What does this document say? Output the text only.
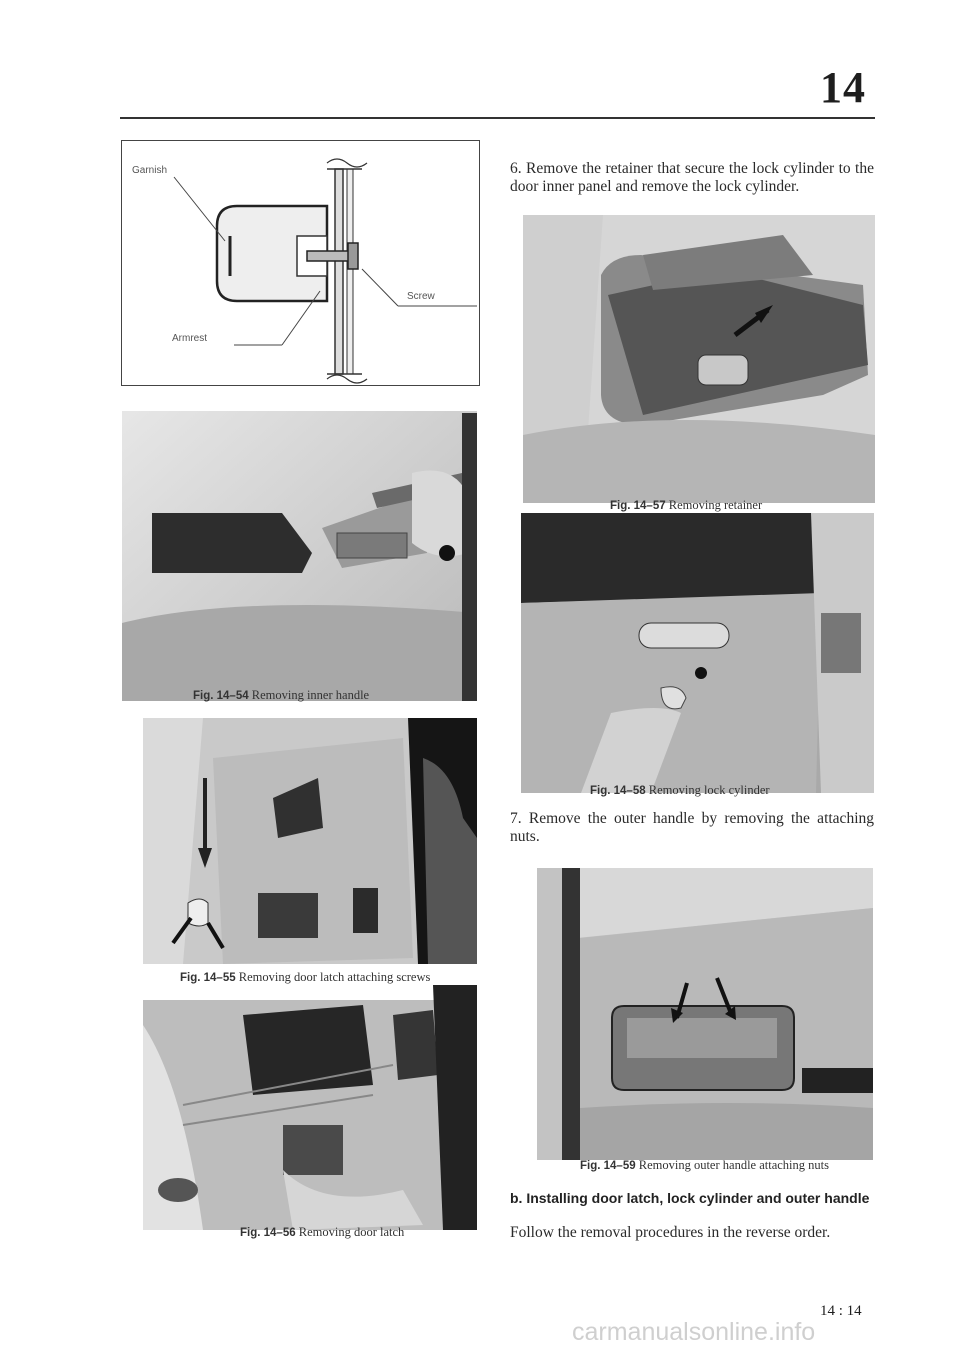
14
Garnish
Screw
Armrest
Fig. 14–54 Removing inner handle
Fig. 14–55 Removing door latch attaching screws
Fig. 14–56 Removing door latch
6. Remove the retainer that secure the lock cylinder to the door inner panel and remove the lock cylinder.
Fig. 14–57 Removing retainer
Fig. 14–58 Removing lock cylinder
7. Remove the outer handle by removing the attaching nuts.
Fig. 14–59 Removing outer handle attaching nuts
b. Installing door latch, lock cylinder and outer handle
Follow the removal procedures in the reverse order.
14 : 14
carmanualsonline.info
